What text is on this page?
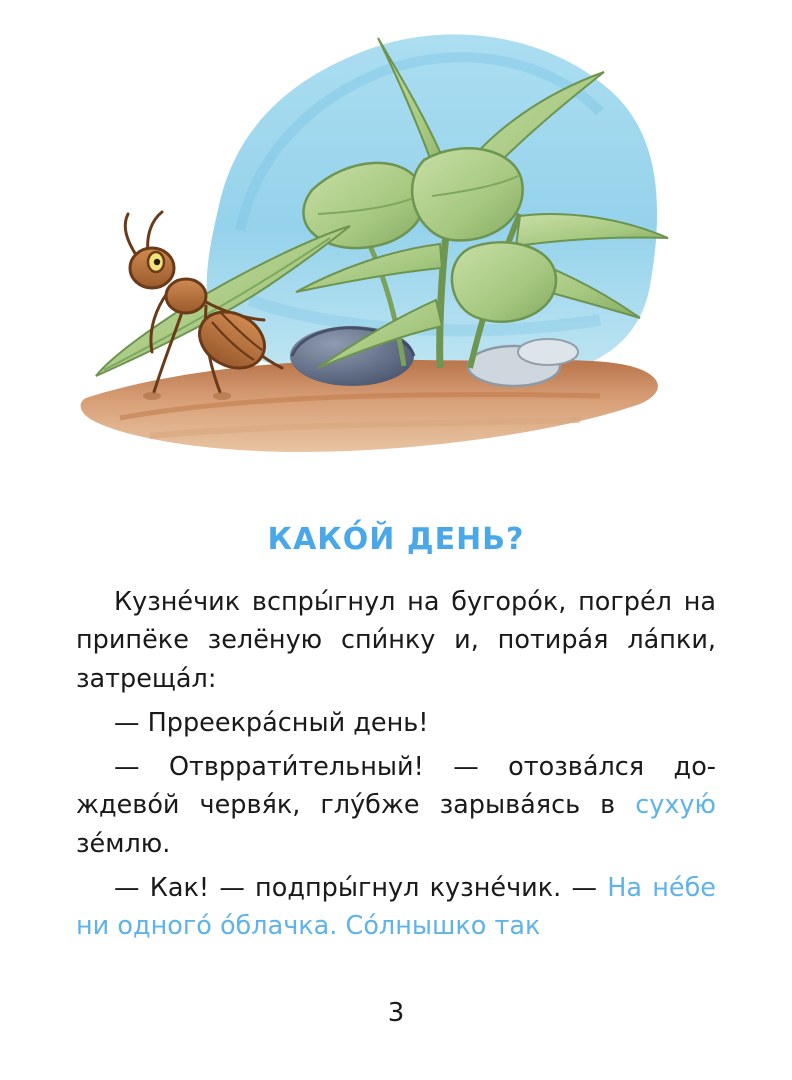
КАКО́Й ДЕНЬ?

Кузне́чик вспры́гнул на бугоро́к, погре́л на припёке зелёную спи́нку и, потира́я ла́пки, затреща́л:

— Прреекра́сный день!

— Отвррати́тельный! — отозва́лся до-ждево́й червя́к, глу́бже зарыва́ясь в сухую́ зе́млю.

— Как! — подпры́гнул кузне́чик. — На не́бе ни одного́ о́блачка. Со́лнышко так

3
